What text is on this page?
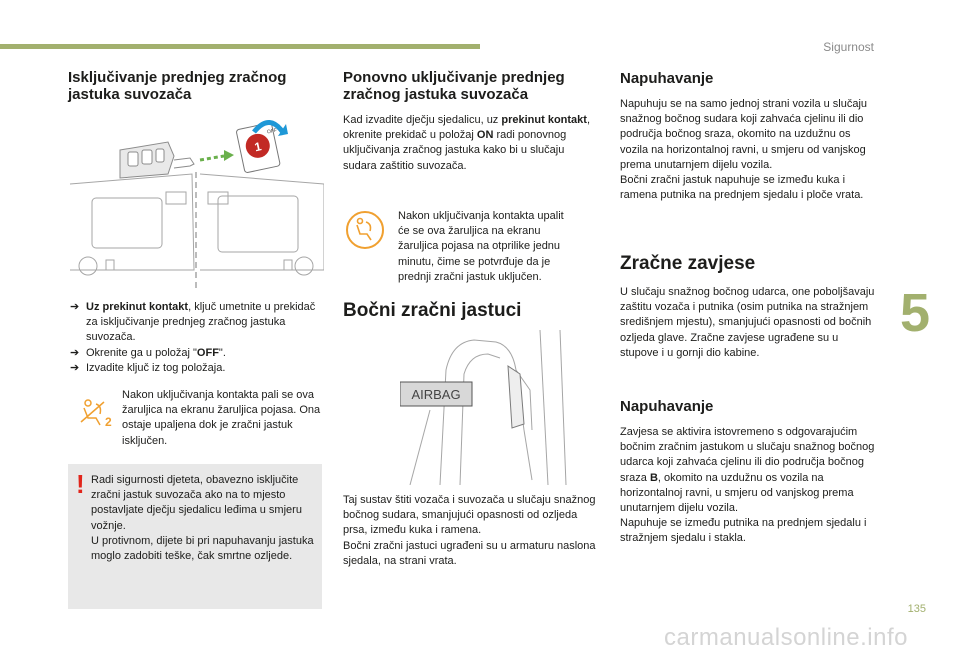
Sigurnost
5
Isključivanje prednjeg zračnog jastuka suvozača
1
OFF
➔ Uz prekinut kontakt, ključ umetnite u prekidač za isključivanje prednjeg zračnog jastuka suvozača.
➔ Okrenite ga u položaj "OFF".
➔ Izvadite ključ iz tog položaja.
2

Nakon uključivanja kontakta pali se ova žaruljica na ekranu žaruljica pojasa. Ona ostaje upaljena dok je zračni jastuk isključen.

! Radi sigurnosti djeteta, obavezno isključite zračni jastuk suvozača ako na to mjesto postavljate dječju sjedalicu leđima u smjeru vožnje.
U protivnom, dijete bi pri napuhavanju jastuka moglo zadobiti teške, čak smrtne ozljede.

Ponovno uključivanje prednjeg zračnog jastuka suvozača

Kad izvadite dječju sjedalicu, uz prekinut kontakt, okrenite prekidač u položaj ON radi ponovnog uključivanja zračnog jastuka kako bi u slučaju sudara zaštitio suvozača.

Nakon uključivanja kontakta upalit će se ova žaruljica na ekranu žaruljica pojasa na otprilike jednu minutu, čime se potvrđuje da je prednji zračni jastuk uključen.

Bočni zračni jastuci
AIRBAG

Taj sustav štiti vozača i suvozača u slučaju snažnog bočnog sudara, smanjujući opasnosti od ozljeda prsa, između kuka i ramena.
Bočni zračni jastuci ugrađeni su u armaturu naslona sjedala, na strani vrata.

Napuhavanje

Napuhuju se na samo jednoj strani vozila u slučaju snažnog bočnog sudara koji zahvaća cjelinu ili dio područja bočnog sraza, okomito na uzdužnu os vozila na horizontalnoj ravni, u smjeru od vanjskog prema unutarnjem dijelu vozila.
Bočni zračni jastuk napuhuje se između kuka i ramena putnika na prednjem sjedalu i ploče vrata.

Zračne zavjese

U slučaju snažnog bočnog udarca, one poboljšavaju zaštitu vozača i putnika (osim putnika na stražnjem središnjem mjestu), smanjujući opasnosti od bočnih ozljeda glave. Zračne zavjese ugrađene su u stupove i u gornji dio kabine.

Napuhavanje

Zavjesa se aktivira istovremeno s odgovarajućim bočnim zračnim jastukom u slučaju snažnog bočnog udarca koji zahvaća cjelinu ili dio područja bočnog sraza B, okomito na uzdužnu os vozila na horizontalnoj ravni, u smjeru od vanjskog prema unutarnjem dijelu vozila.
Napuhuje se između putnika na prednjem sjedalu i stražnjem sjedalu i stakla.

135
carmanualsonline.info
